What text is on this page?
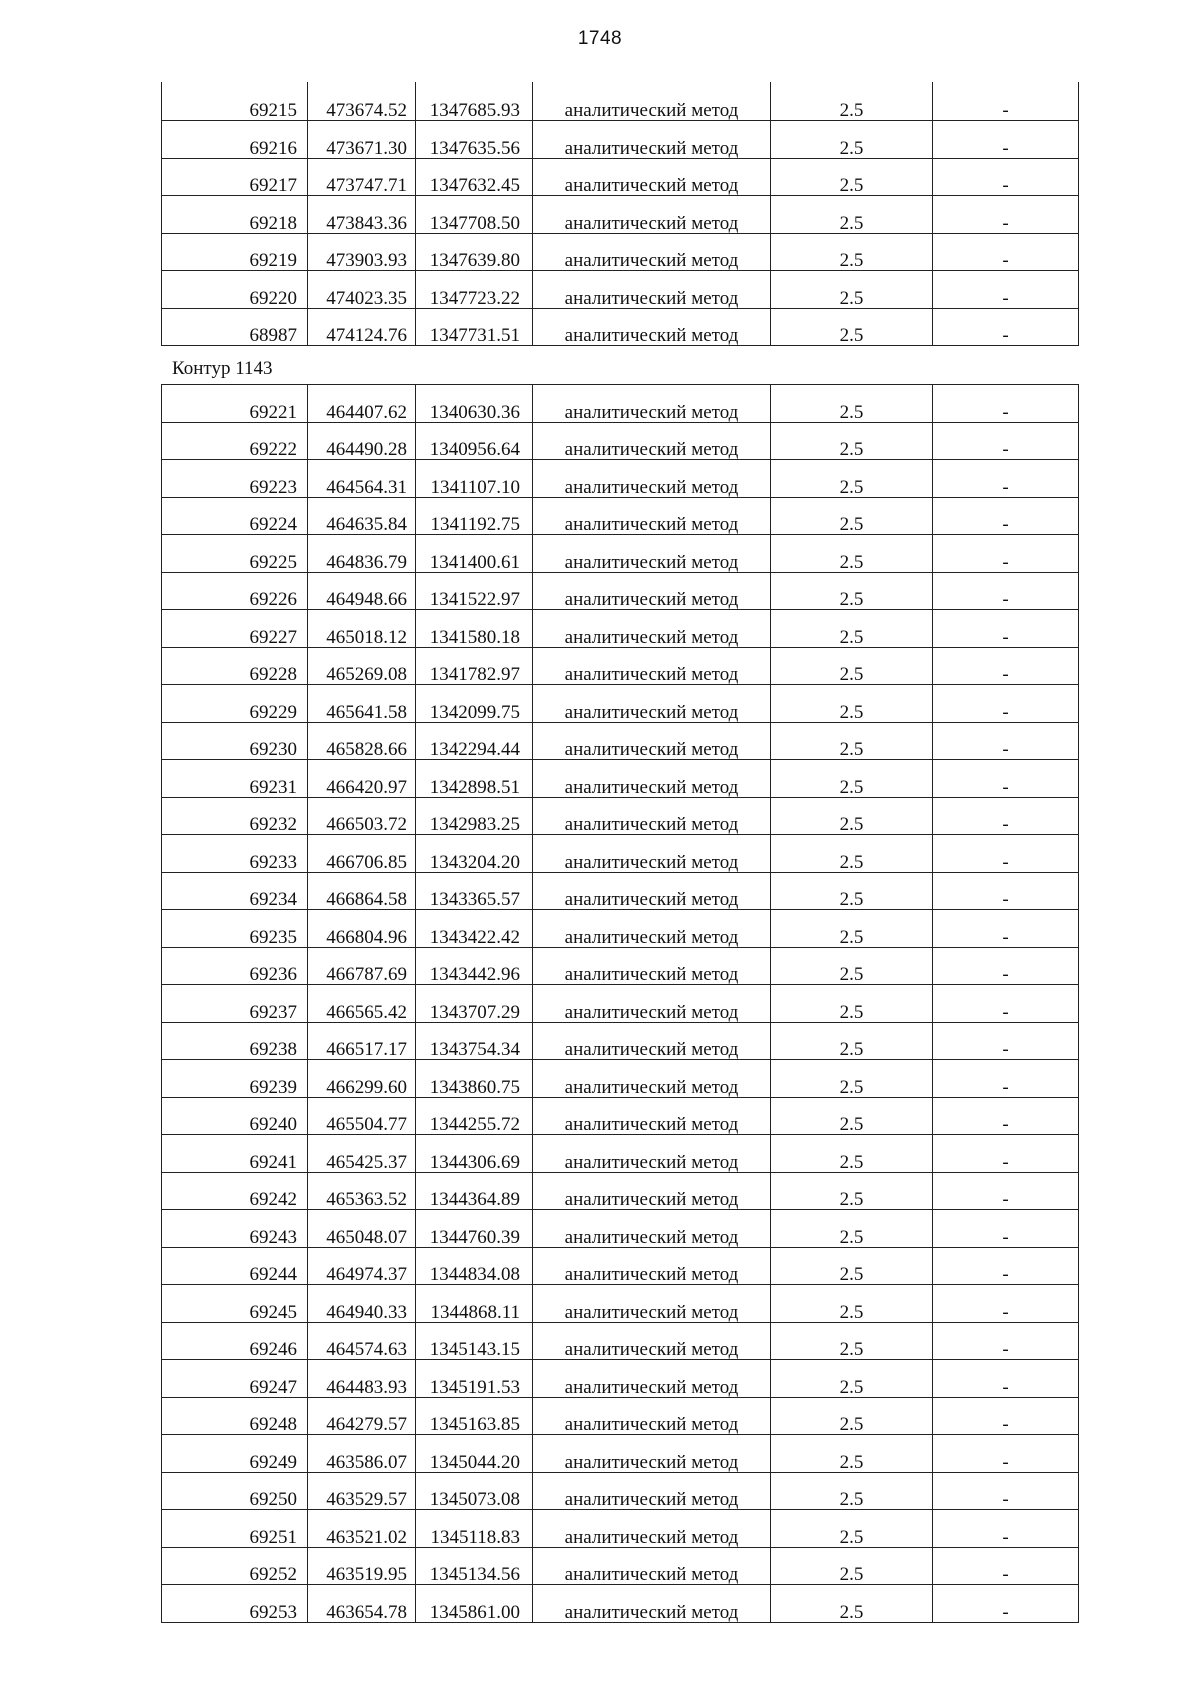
1748
69215	473674.52	1347685.93	аналитический метод	2.5	-
69216	473671.30	1347635.56	аналитический метод	2.5	-
69217	473747.71	1347632.45	аналитический метод	2.5	-
69218	473843.36	1347708.50	аналитический метод	2.5	-
69219	473903.93	1347639.80	аналитический метод	2.5	-
69220	474023.35	1347723.22	аналитический метод	2.5	-
68987	474124.76	1347731.51	аналитический метод	2.5	-
Контур 1143
69221	464407.62	1340630.36	аналитический метод	2.5	-
69222	464490.28	1340956.64	аналитический метод	2.5	-
69223	464564.31	1341107.10	аналитический метод	2.5	-
69224	464635.84	1341192.75	аналитический метод	2.5	-
69225	464836.79	1341400.61	аналитический метод	2.5	-
69226	464948.66	1341522.97	аналитический метод	2.5	-
69227	465018.12	1341580.18	аналитический метод	2.5	-
69228	465269.08	1341782.97	аналитический метод	2.5	-
69229	465641.58	1342099.75	аналитический метод	2.5	-
69230	465828.66	1342294.44	аналитический метод	2.5	-
69231	466420.97	1342898.51	аналитический метод	2.5	-
69232	466503.72	1342983.25	аналитический метод	2.5	-
69233	466706.85	1343204.20	аналитический метод	2.5	-
69234	466864.58	1343365.57	аналитический метод	2.5	-
69235	466804.96	1343422.42	аналитический метод	2.5	-
69236	466787.69	1343442.96	аналитический метод	2.5	-
69237	466565.42	1343707.29	аналитический метод	2.5	-
69238	466517.17	1343754.34	аналитический метод	2.5	-
69239	466299.60	1343860.75	аналитический метод	2.5	-
69240	465504.77	1344255.72	аналитический метод	2.5	-
69241	465425.37	1344306.69	аналитический метод	2.5	-
69242	465363.52	1344364.89	аналитический метод	2.5	-
69243	465048.07	1344760.39	аналитический метод	2.5	-
69244	464974.37	1344834.08	аналитический метод	2.5	-
69245	464940.33	1344868.11	аналитический метод	2.5	-
69246	464574.63	1345143.15	аналитический метод	2.5	-
69247	464483.93	1345191.53	аналитический метод	2.5	-
69248	464279.57	1345163.85	аналитический метод	2.5	-
69249	463586.07	1345044.20	аналитический метод	2.5	-
69250	463529.57	1345073.08	аналитический метод	2.5	-
69251	463521.02	1345118.83	аналитический метод	2.5	-
69252	463519.95	1345134.56	аналитический метод	2.5	-
69253	463654.78	1345861.00	аналитический метод	2.5	-
